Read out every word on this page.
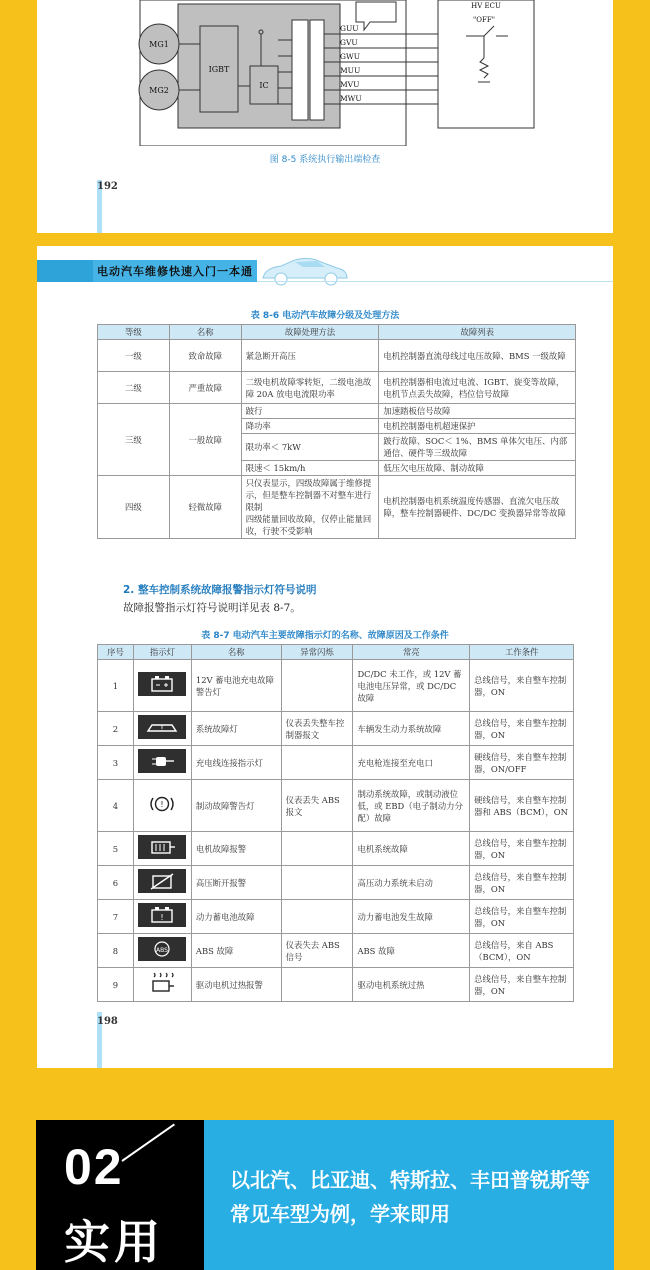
MG1
MG2
IGBT
IC
HV ECU
"OFF"
GUU
GVU
GWU
MUU
MVU
MWU
图 8-5 系统执行输出端检查
192
电动汽车维修快速入门一本通
表 8-6 电动汽车故障分级及处理方法
等级	名称	故障处理方法	故障列表
一级	致命故障	紧急断开高压	电机控制器直流母线过电压故障、BMS 一级故障
二级	严重故障	二级电机故障零转矩，二级电池故障 20A 放电电流限功率	电机控制器相电流过电流、IGBT、旋变等故障，电机节点丢失故障，档位信号故障
三级	一般故障	跛行	加速踏板信号故障
		降功率	电机控制器电机超速保护
		限功率＜ 7kW	跛行故障、SOC＜ 1%、BMS 单体欠电压、内部通信、硬件等三级故障
		限速＜ 15km/h	低压欠电压故障、制动故障
四级	轻微故障	只仪表显示，四级故障属于维修提示，但是整车控制器不对整车进行限制
四级能量回收故障，仅停止能量回收，行驶不受影响	电机控制器电机系统温度传感器、直流欠电压故障，整车控制器硬件、DC/DC 变换器异常等故障
2. 整车控制系统故障报警指示灯符号说明
故障报警指示灯符号说明详见表 8-7。
表 8-7 电动汽车主要故障指示灯的名称、故障原因及工作条件
序号	指示灯	名称	异常闪烁	常亮	工作条件
1		12V 蓄电池充电故障警告灯		DC/DC 未工作，或 12V 蓄电池电压异常，或 DC/DC 故障	总线信号，来自整车控制器，ON
2	!	系统故障灯	仪表丢失整车控制器报文	车辆发生动力系统故障	总线信号，来自整车控制器，ON
3		充电线连接指示灯		充电枪连接至充电口	硬线信号，来自整车控制器，ON/OFF
4	!	制动故障警告灯	仪表丢失 ABS 报文	制动系统故障，或制动液位低，或 EBD（电子制动力分配）故障	硬线信号，来自整车控制器和 ABS（BCM），ON
5		电机故障报警		电机系统故障	总线信号，来自整车控制器，ON
6		高压断开报警		高压动力系统未启动	总线信号，来自整车控制器，ON
7	!	动力蓄电池故障		动力蓄电池发生故障	总线信号，来自整车控制器，ON
8	ABS	ABS 故障	仪表失去 ABS 信号	ABS 故障	总线信号，来自 ABS（BCM），ON
9		驱动电机过热报警		驱动电机系统过热	总线信号，来自整车控制器，ON
198
02
实用
以北汽、比亚迪、特斯拉、丰田普锐斯等常见车型为例，学来即用
